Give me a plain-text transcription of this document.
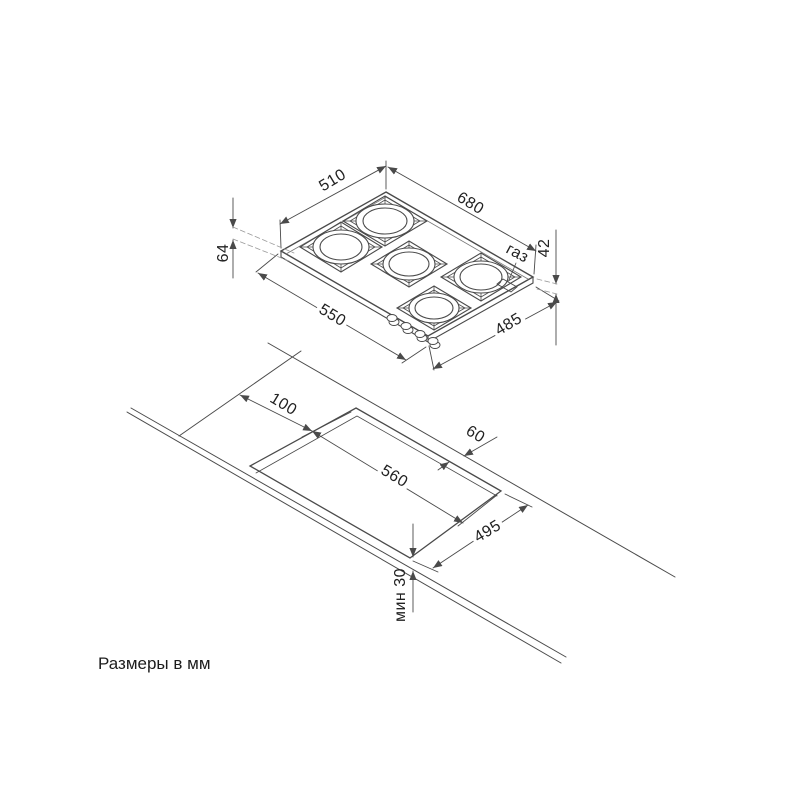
510
680
64	42
газ
550	485
100
60
560
495
мин 30
Размеры в мм
